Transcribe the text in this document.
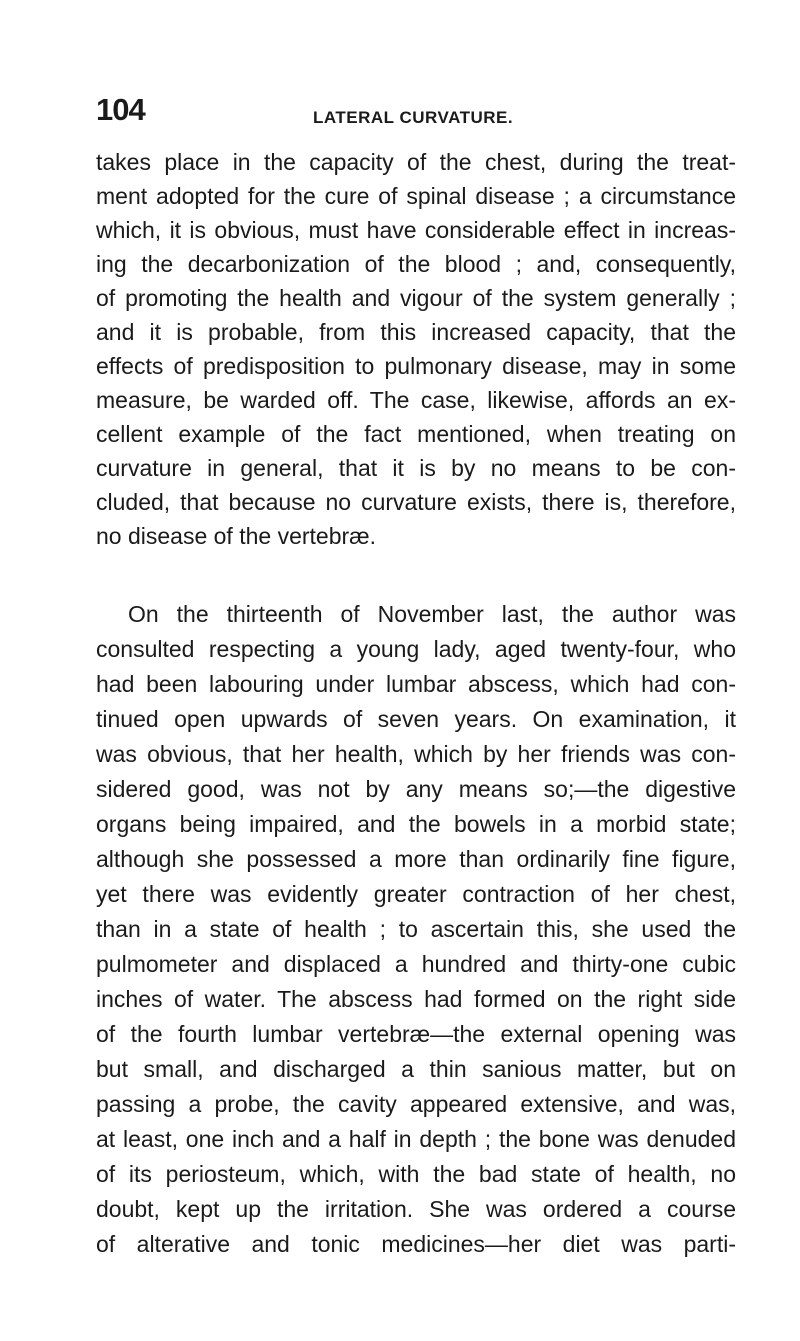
104	LATERAL CURVATURE.
takes place in the capacity of the chest, during the treat-
ment adopted for the cure of spinal disease ; a circumstance
which, it is obvious, must have considerable effect in increas-
ing the decarbonization of the blood ; and, consequently,
of promoting the health and vigour of the system generally ;
and it is probable, from this increased capacity, that the
effects of predisposition to pulmonary disease, may in some
measure, be warded off. The case, likewise, affords an ex-
cellent example of the fact mentioned, when treating on
curvature in general, that it is by no means to be con-
cluded, that because no curvature exists, there is, therefore,
no disease of the vertebræ.
On the thirteenth of November last, the author was
consulted respecting a young lady, aged twenty-four, who
had been labouring under lumbar abscess, which had con-
tinued open upwards of seven years. On examination, it
was obvious, that her health, which by her friends was con-
sidered good, was not by any means so;—the digestive
organs being impaired, and the bowels in a morbid state;
although she possessed a more than ordinarily fine figure,
yet there was evidently greater contraction of her chest,
than in a state of health ; to ascertain this, she used the
pulmometer and displaced a hundred and thirty-one cubic
inches of water. The abscess had formed on the right side
of the fourth lumbar vertebræ—the external opening was
but small, and discharged a thin sanious matter, but on
passing a probe, the cavity appeared extensive, and was,
at least, one inch and a half in depth ; the bone was denuded
of its periosteum, which, with the bad state of health, no
doubt, kept up the irritation. She was ordered a course
of alterative and tonic medicines—her diet was parti-
